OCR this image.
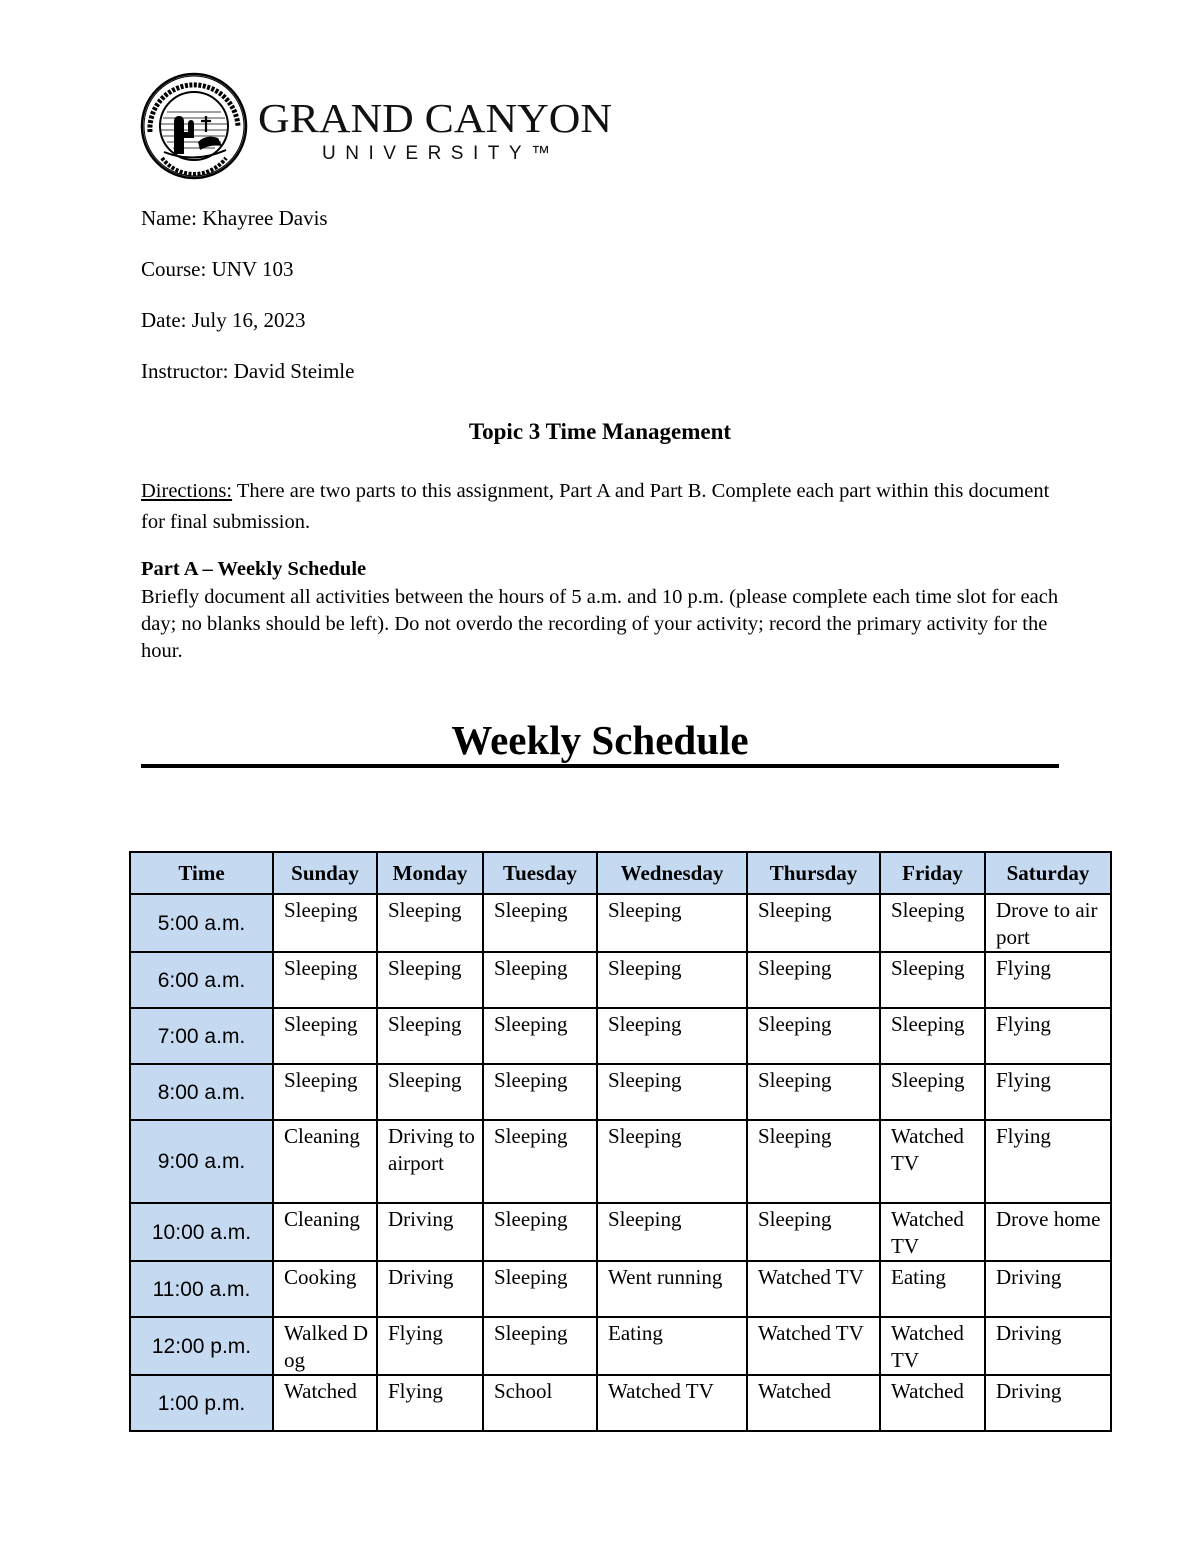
GRAND CANYON
UNIVERSITY™
Name: Khayree Davis
Course: UNV 103
Date: July 16, 2023
Instructor: David Steimle
Topic 3 Time Management
Directions: There are two parts to this assignment, Part A and Part B. Complete each part within this document for final submission.
Part A – Weekly Schedule
Briefly document all activities between the hours of 5 a.m. and 10 p.m. (please complete each time slot for each day; no blanks should be left). Do not overdo the recording of your activity; record the primary activity for the hour.
Weekly Schedule
Time	Sunday	Monday	Tuesday	Wednesday	Thursday	Friday	Saturday
5:00 a.m.	Sleeping	Sleeping	Sleeping	Sleeping	Sleeping	Sleeping	Drove to airport
6:00 a.m.	Sleeping	Sleeping	Sleeping	Sleeping	Sleeping	Sleeping	Flying
7:00 a.m.	Sleeping	Sleeping	Sleeping	Sleeping	Sleeping	Sleeping	Flying
8:00 a.m.	Sleeping	Sleeping	Sleeping	Sleeping	Sleeping	Sleeping	Flying
9:00 a.m.	Cleaning	Driving to airport	Sleeping	Sleeping	Sleeping	Watched TV	Flying
10:00 a.m.	Cleaning	Driving	Sleeping	Sleeping	Sleeping	Watched TV	Drove home
11:00 a.m.	Cooking	Driving	Sleeping	Went running	Watched TV	Eating	Driving
12:00 p.m.	Walked Dog	Flying	Sleeping	Eating	Watched TV	Watched TV	Driving
1:00 p.m.	Watched	Flying	School	Watched TV	Watched	Watched	Driving
